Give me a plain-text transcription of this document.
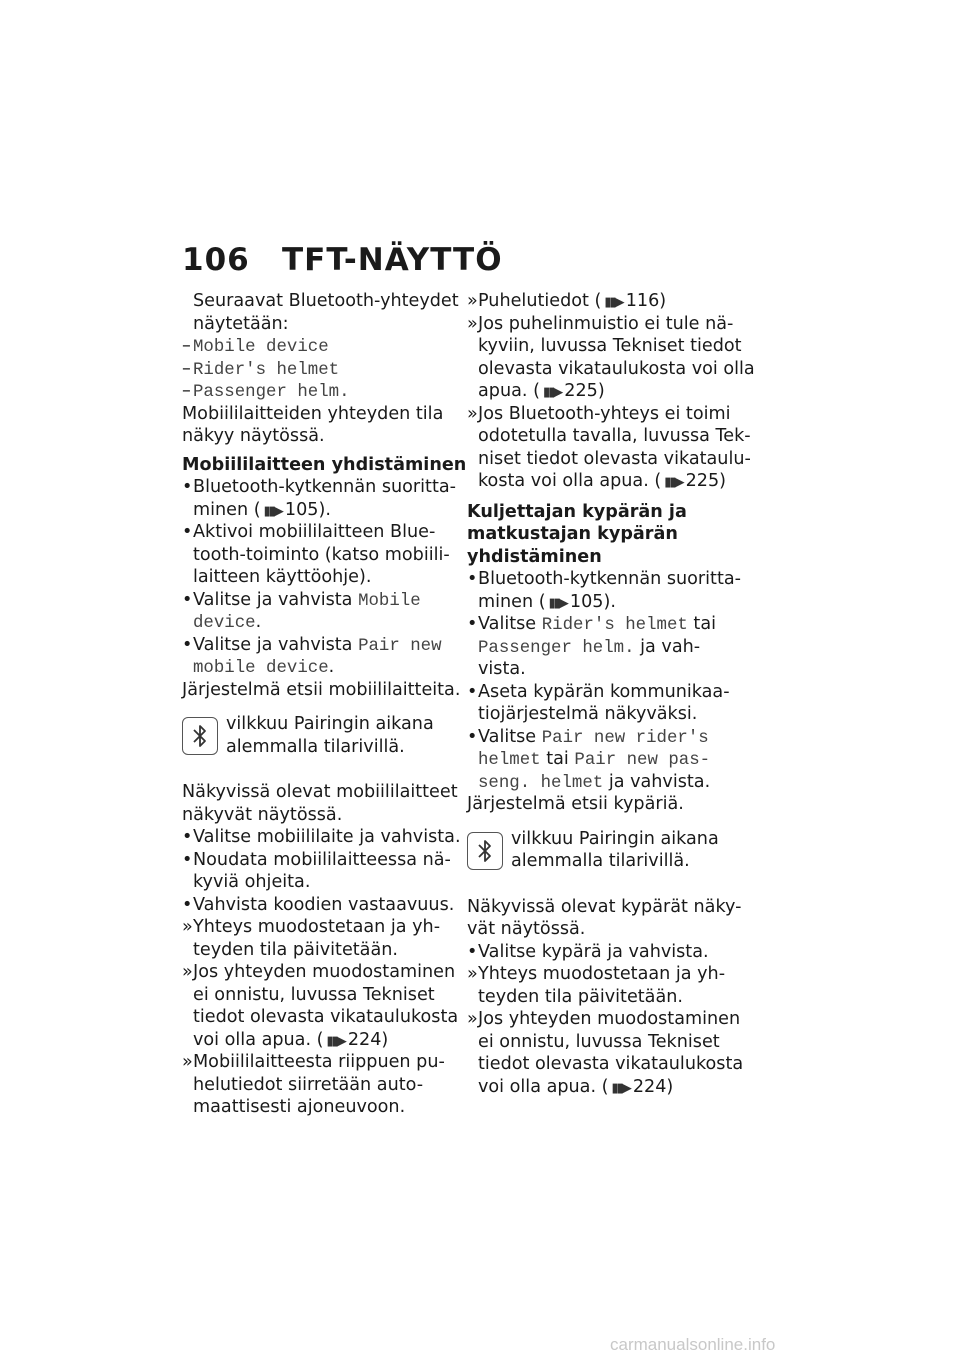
106 TFT-NÄYTTÖ
Seuraavat Bluetooth-yhteydet
näytetään:
– Mobile device
– Rider's helmet
– Passenger helm.
Mobiililaitteiden yhteyden tila
näkyy näytössä.
Mobiililaitteen yhdistäminen
• Bluetooth-kytkennän suoritta-
minen ( ▮▮▶ 105).
• Aktivoi mobiililaitteen Blue-
tooth-toiminto (katso mobiili-
laitteen käyttöohje).
• Valitse ja vahvista Mobile
device.
• Valitse ja vahvista Pair new
mobile device.
Järjestelmä etsii mobiililaitteita.
vilkkuu Pairingin aikana
alemmalla tilarivillä.
Näkyvissä olevat mobiililaitteet
näkyvät näytössä.
• Valitse mobiililaite ja vahvista.
• Noudata mobiililaitteessa nä-
kyviä ohjeita.
• Vahvista koodien vastaavuus.
» Yhteys muodostetaan ja yh-
teyden tila päivitetään.
» Jos yhteyden muodostaminen
ei onnistu, luvussa Tekniset
tiedot olevasta vikataulukosta
voi olla apua. ( ▮▮▶ 224)
» Mobiililaitteesta riippuen pu-
helutiedot siirretään auto-
maattisesti ajoneuvoon.
» Puhelutiedot ( ▮▮▶ 116)
» Jos puhelinmuistio ei tule nä-
kyviin, luvussa Tekniset tiedot
olevasta vikataulukosta voi olla
apua. ( ▮▮▶ 225)
» Jos Bluetooth-yhteys ei toimi
odotetulla tavalla, luvussa Tek-
niset tiedot olevasta vikataulu-
kosta voi olla apua. ( ▮▮▶ 225)
Kuljettajan kypärän ja
matkustajan kypärän
yhdistäminen
• Bluetooth-kytkennän suoritta-
minen ( ▮▮▶ 105).
• Valitse Rider's helmet tai
Passenger helm. ja vah-
vista.
• Aseta kypärän kommunikaa-
tiojärjestelmä näkyväksi.
• Valitse Pair new rider's
helmet tai Pair new pas-
seng. helmet ja vahvista.
Järjestelmä etsii kypäriä.
vilkkuu Pairingin aikana
alemmalla tilarivillä.
Näkyvissä olevat kypärät näky-
vät näytössä.
• Valitse kypärä ja vahvista.
» Yhteys muodostetaan ja yh-
teyden tila päivitetään.
» Jos yhteyden muodostaminen
ei onnistu, luvussa Tekniset
tiedot olevasta vikataulukosta
voi olla apua. ( ▮▮▶ 224)
carmanualsonline.info
